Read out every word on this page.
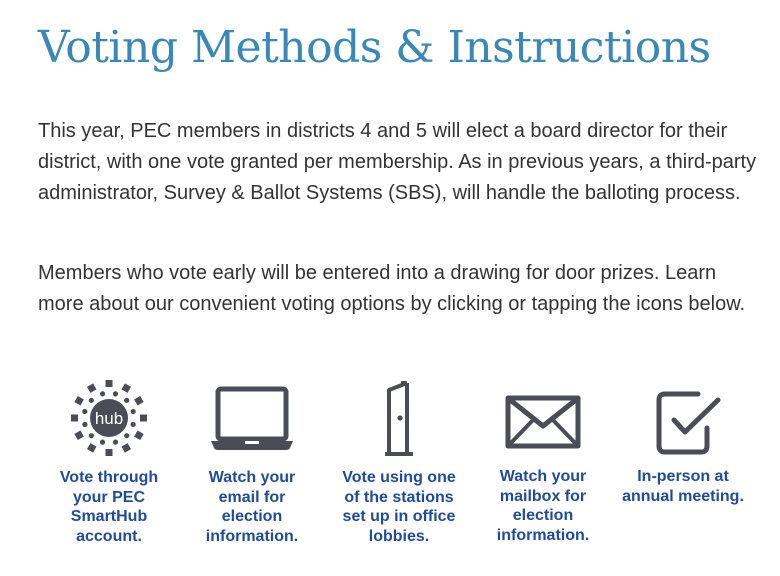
Voting Methods & Instructions

This year, PEC members in districts 4 and 5 will elect a board director for their district, with one vote granted per membership. As in previous years, a third-party administrator, Survey & Ballot Systems (SBS), will handle the balloting process.

Members who vote early will be entered into a drawing for door prizes. Learn more about our convenient voting options by clicking or tapping the icons below.

hub
Vote through
your PEC
SmartHub
account.
Watch your
email for
election
information.
Vote using one
of the stations
set up in office
lobbies.
Watch your
mailbox for
election
information.
In-person at
annual meeting.
